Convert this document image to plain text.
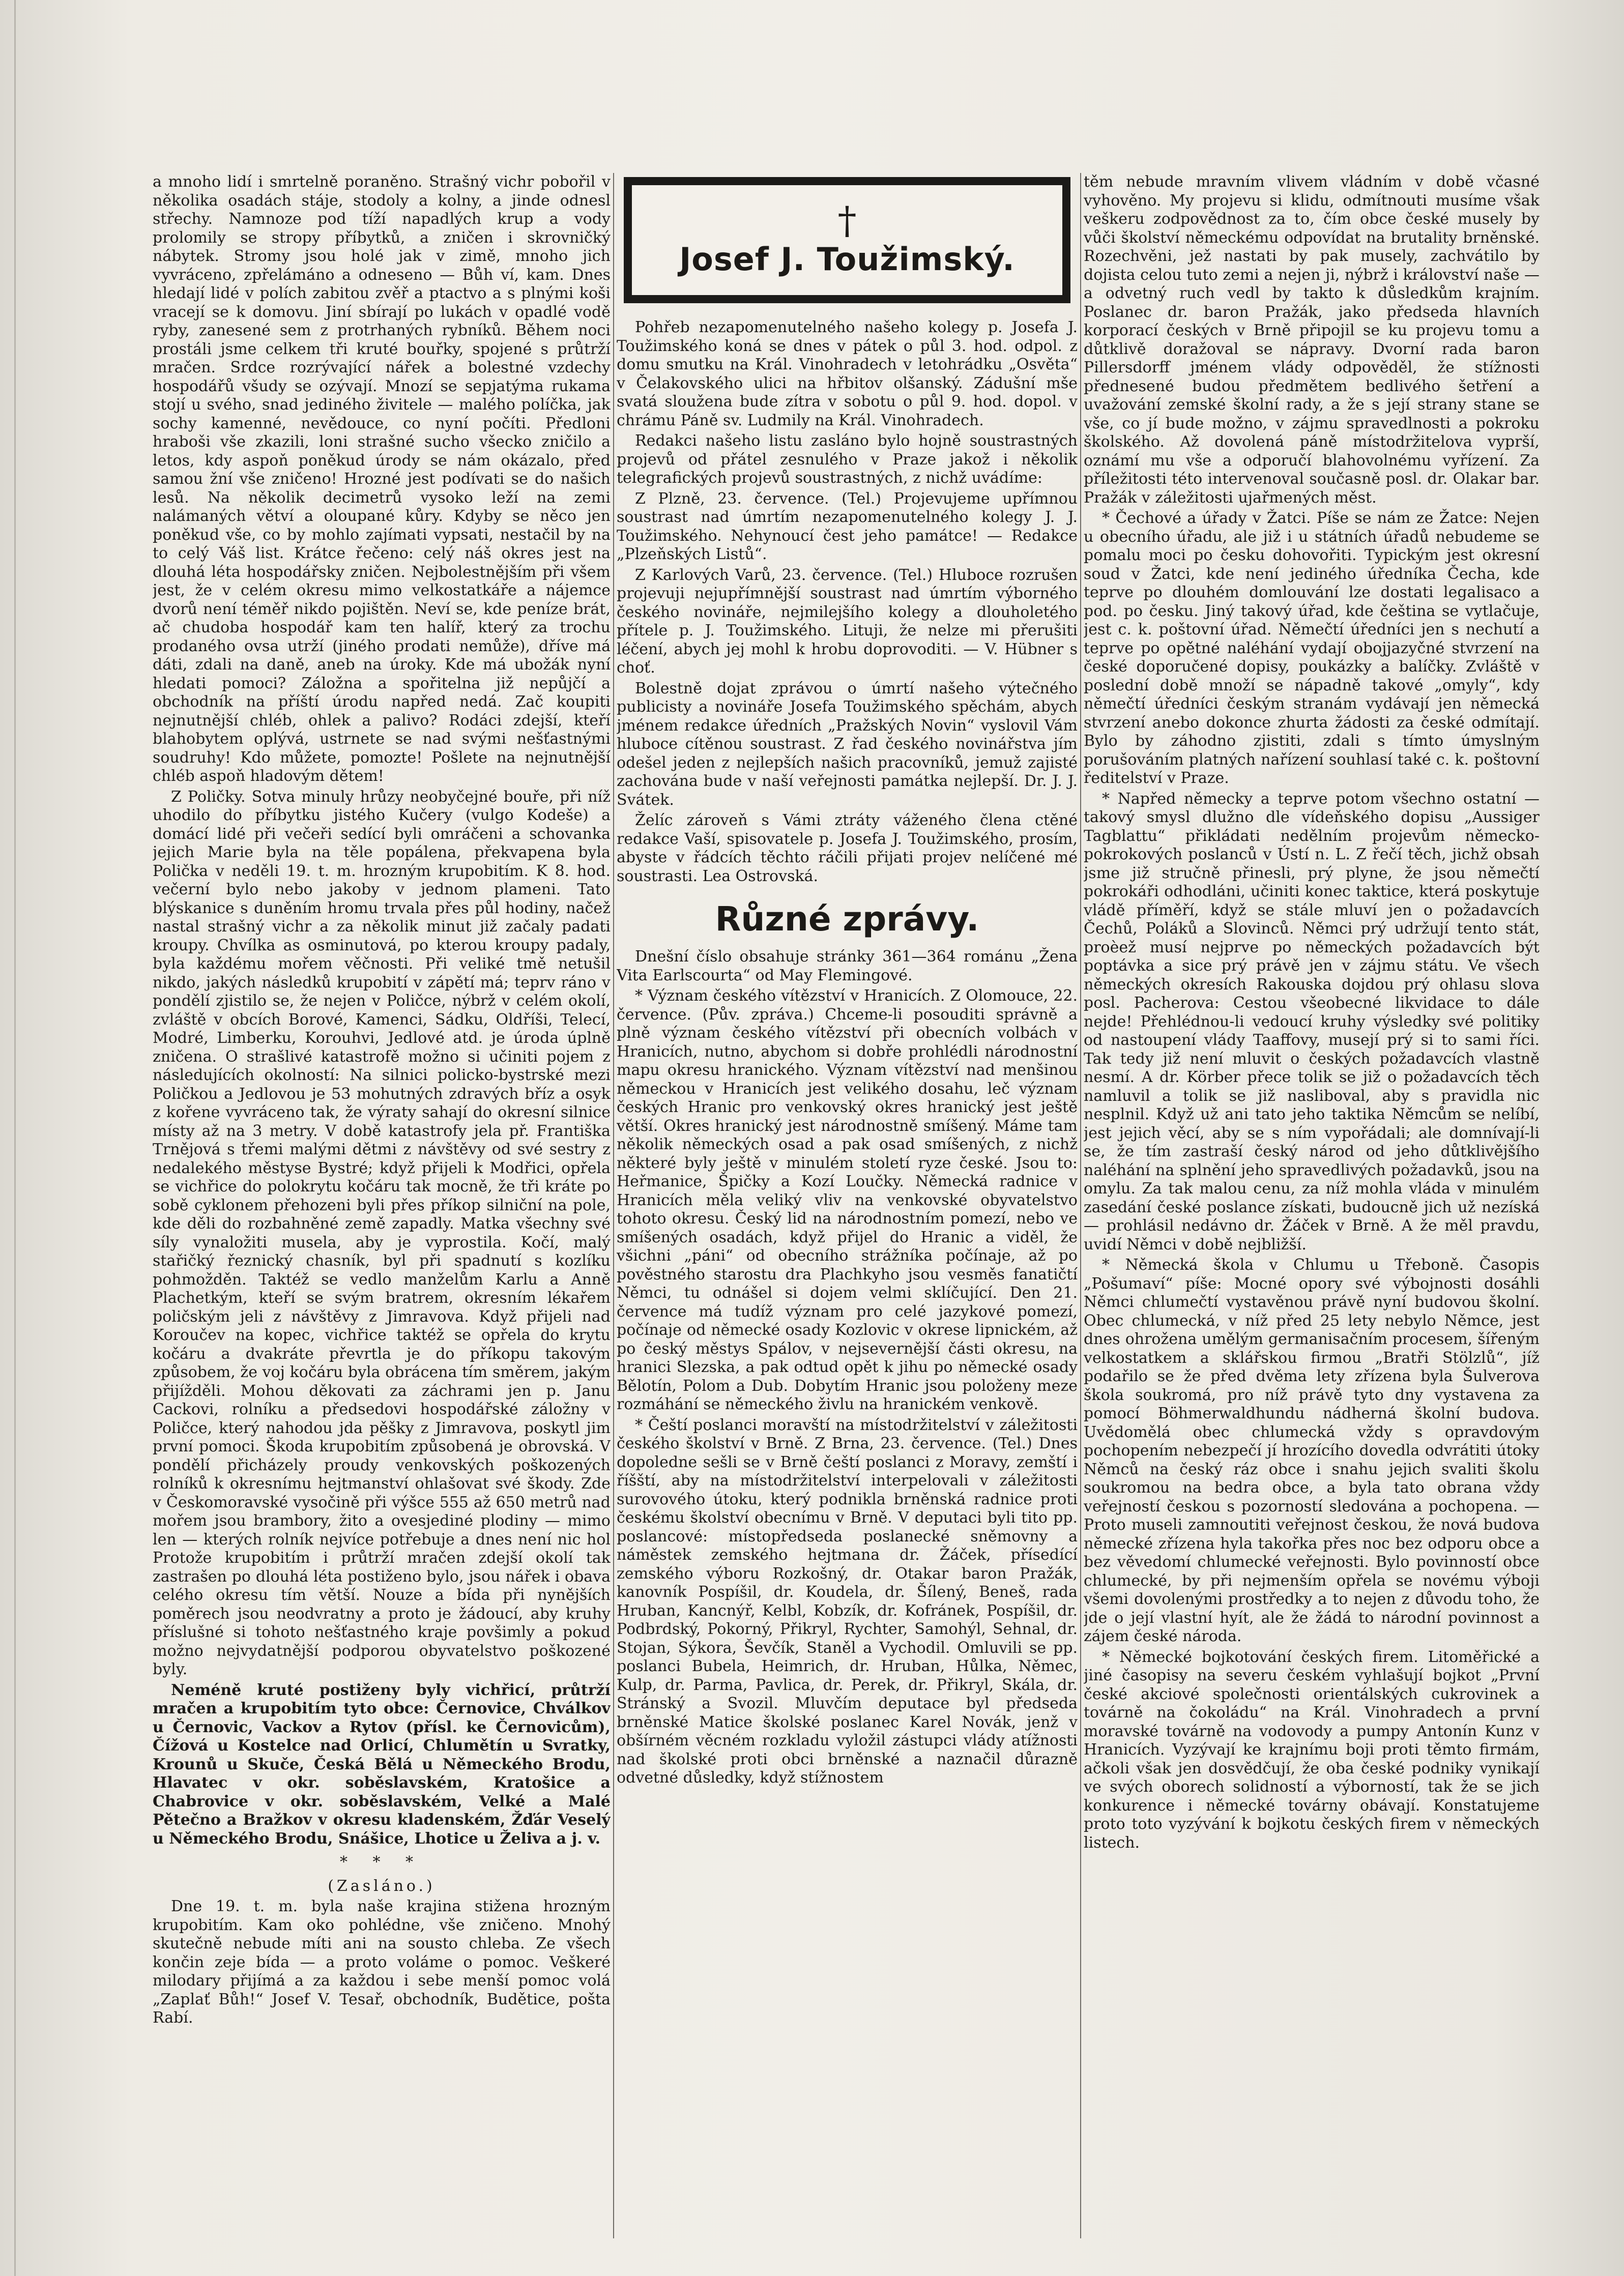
a mnoho lidí i smrtelně poraněno. Strašný vichr pobořil v několika osadách stáje, stodoly a kolny, a jinde odnesl střechy. Namnoze pod tíží napadlých krup a vody prolomily se stropy příbytků, a zničen i skrovničký nábytek. Stromy jsou holé jak v zimě, mnoho jich vyvráceno, zpřelámáno a odneseno — Bůh ví, kam. Dnes hledají lidé v polích zabitou zvěř a ptactvo a s plnými koši vracejí se k domovu. Jiní sbírají po lukách v opadlé vodě ryby, zanesené sem z protrhaných rybníků. Během noci prostáli jsme celkem tři kruté bouřky, spojené s průtrží mračen. Srdce rozrývající nářek a bolestné vzdechy hospodářů všudy se ozývají. Mnozí se sepjatýma rukama stojí u svého, snad jediného živitele — malého políčka, jak sochy kamenné, nevědouce, co nyní počíti. Předloni hraboši vše zkazili, loni strašné sucho všecko zničilo a letos, kdy aspoň poněkud úrody se nám okázalo, před samou žní vše zničeno! Hrozné jest podívati se do našich lesů. Na několik decimetrů vysoko leží na zemi nalámaných větví a oloupané kůry. Kdyby se něco jen poněkud vše, co by mohlo zajímati vypsati, nestačil by na to celý Váš list. Krátce řečeno: celý náš okres jest na dlouhá léta hospodářsky zničen. Nejbolestnějším při všem jest, že v celém okresu mimo velkostatkáře a nájemce dvorů není téměř nikdo pojištěn. Neví se, kde peníze brát, ač chudoba hospodář kam ten halíř, který za trochu prodaného ovsa utrží (jiného prodati nemůže), dříve má dáti, zdali na daně, aneb na úroky. Kde má ubožák nyní hledati pomoci? Záložna a spořitelna již nepůjčí a obchodník na příští úrodu napřed nedá. Zač koupiti nejnutnější chléb, ohlek a palivo? Rodáci zdejší, kteří blahobytem oplývá, ustrnete se nad svými nešťastnými soudruhy! Kdo můžete, pomozte! Pošlete na nejnutnější chléb aspoň hladovým dětem!

Z Poličky. Sotva minuly hrůzy neobyčejné bouře, při níž uhodilo do příbytku jistého Kučery (vulgo Kodeše) a domácí lidé při večeři sedící byli omráčeni a schovanka jejich Marie byla na těle popálena, překvapena byla Polička v neděli 19. t. m. hrozným krupobitím. K 8. hod. večerní bylo nebo jakoby v jednom plameni. Tato blýskanice s duněním hromu trvala přes půl hodiny, načež nastal strašný vichr a za několik minut již začaly padati kroupy. Chvílka as osminutová, po kterou kroupy padaly, byla každému mořem věčnosti. Při veliké tmě netušil nikdo, jakých následků krupobití v zápětí má; teprv ráno v pondělí zjistilo se, že nejen v Poličce, nýbrž v celém okolí, zvláště v obcích Borové, Kamenci, Sádku, Oldříši, Telecí, Modré, Limberku, Korouhvi, Jedlové atd. je úroda úplně zničena. O strašlivé katastrofě možno si učiniti pojem z následujících okolností: Na silnici policko-bystrské mezi Poličkou a Jedlovou je 53 mohutných zdravých bříz a osyk z kořene vyvráceno tak, že výraty sahají do okresní silnice místy až na 3 metry. V době katastrofy jela př. Františka Trnějová s třemi malými dětmi z návštěvy od své sestry z nedalekého městyse Bystré; když přijeli k Modřici, opřela se vichřice do polokrytu kočáru tak mocně, že tři kráte po sobě cyklonem přehozeni byli přes příkop silniční na pole, kde děli do rozbahněné země zapadly. Matka všechny své síly vynaložiti musela, aby je vyprostila. Kočí, malý stařičký řeznický chasník, byl při spadnutí s kozlíku pohmožděn. Taktéž se vedlo manželům Karlu a Anně Plachetkým, kteří se svým bratrem, okresním lékařem poličským jeli z návštěvy z Jimravova. Když přijeli nad Koroučev na kopec, vichřice taktéž se opřela do krytu kočáru a dvakráte převrtla je do příkopu takovým způsobem, že voj kočáru byla obrácena tím směrem, jakým přijížděli. Mohou děkovati za záchrami jen p. Janu Cackovi, rolníku a předsedovi hospodářské záložny v Poličce, který nahodou jda pěšky z Jimravova, poskytl jim první pomoci. Škoda krupobitím způsobená je obrovská. V pondělí přicházely proudy venkovských poškozených rolníků k okresnímu hejtmanství ohlašovat své škody. Zde v Českomoravské vysočině při výšce 555 až 650 metrů nad mořem jsou brambory, žito a ovesjediné plodiny — mimo len — kterých rolník nejvíce potřebuje a dnes není nic hol Protože krupobitím i průtrží mračen zdejší okolí tak zastrašen po dlouhá léta postiženo bylo, jsou nářek i obava celého okresu tím větší. Nouze a bída při nynějších poměrech jsou neodvratny a proto je žádoucí, aby kruhy příslušné si tohoto nešťastného kraje povšimly a pokud možno nejvydatnější podporou obyvatelstvo poškozené byly.

Neméně kruté postiženy byly vichřicí, průtrží mračen a krupobitím tyto obce: Černovice, Chválkov u Černovic, Vackov a Rytov (přísl. ke Černovicům), Čížová u Kostelce nad Orlicí, Chlumětín u Svratky, Krounů u Skuče, Česká Bělá u Německého Brodu, Hlavatec v okr. soběslavském, Kratošice a Chabrovice v okr. soběslavském, Velké a Malé Pětečno a Bražkov v okresu kladenském, Žďár Veselý u Německého Brodu, Snášice, Lhotice u Želiva a j. v.

* * *

(Zasláno.)

Dne 19. t. m. byla naše krajina stižena hrozným krupobitím. Kam oko pohlédne, vše zničeno. Mnohý skutečně nebude míti ani na sousto chleba. Ze všech končin zeje bída — a proto voláme o pomoc. Veškeré milodary přijímá a za každou i sebe menší pomoc volá „Zaplať Bůh!“ Josef V. Tesař, obchodník, Budětice, pošta Rabí.

†
Josef J. Toužimský.

Pohřeb nezapomenutelného našeho kolegy p. Josefa J. Toužimského koná se dnes v pátek o půl 3. hod. odpol. z domu smutku na Král. Vinohradech v letohrádku „Osvěta“ v Čelakovského ulici na hřbitov olšanský. Zádušní mše svatá sloužena bude zítra v sobotu o půl 9. hod. dopol. v chrámu Páně sv. Ludmily na Král. Vinohradech.

Redakci našeho listu zasláno bylo hojně soustrastných projevů od přátel zesnulého v Praze jakož i několik telegrafických projevů soustrastných, z nichž uvádíme:

Z Plzně, 23. července. (Tel.) Projevujeme upřímnou soustrast nad úmrtím nezapomenutelného kolegy J. J. Toužimského. Nehynoucí čest jeho památce! — Redakce „Plzeňských Listů“.

Z Karlových Varů, 23. července. (Tel.) Hluboce rozrušen projevuji nejupřímnější soustrast nad úmrtím výborného českého novináře, nejmilejšího kolegy a dlouholetého přítele p. J. Toužimského. Lituji, že nelze mi přerušiti léčení, abych jej mohl k hrobu doprovoditi. — V. Hübner s choť.

Bolestně dojat zprávou o úmrtí našeho výtečného publicisty a novináře Josefa Toužimského spěchám, abych jménem redakce úředních „Pražských Novin“ vyslovil Vám hluboce cítěnou soustrast. Z řad českého novinářstva jím odešel jeden z nejlepších našich pracovníků, jemuž zajisté zachována bude v naší veřejnosti památka nejlepší. Dr. J. J. Svátek.

Želíc zároveň s Vámi ztráty váženého člena ctěné redakce Vaší, spisovatele p. Josefa J. Toužimského, prosím, abyste v řádcích těchto ráčili přijati projev nelíčené mé soustrasti. Lea Ostrovská.

Různé zprávy.

Dnešní číslo obsahuje stránky 361—364 románu „Žena Vita Earlscourta“ od May Flemingové.

* Význam českého vítězství v Hranicích. Z Olomouce, 22. července. (Pův. zpráva.) Chceme-li posouditi správně a plně význam českého vítězství při obecních volbách v Hranicích, nutno, abychom si dobře prohlédli národnostní mapu okresu hranického. Význam vítězství nad menšinou německou v Hranicích jest velikého dosahu, leč význam českých Hranic pro venkovský okres hranický jest ještě větší. Okres hranický jest národnostně smíšený. Máme tam několik německých osad a pak osad smíšených, z nichž některé byly ještě v minulém století ryze české. Jsou to: Heřmanice, Špičky a Kozí Loučky. Německá radnice v Hranicích měla veliký vliv na venkovské obyvatelstvo tohoto okresu. Český lid na národnostním pomezí, nebo ve smíšených osadách, když přijel do Hranic a viděl, že všichni „páni“ od obecního strážníka počínaje, až po pověstného starostu dra Plachkyho jsou vesměs fanatičtí Němci, tu odnášel si dojem velmi sklíčující. Den 21. července má tudíž význam pro celé jazykové pomezí, počínaje od německé osady Kozlovic v okrese lipnickém, až po český městys Spálov, v nejsevernější části okresu, na hranici Slezska, a pak odtud opět k jihu po německé osady Bělotín, Polom a Dub. Dobytím Hranic jsou položeny meze rozmáhání se německého živlu na hranickém venkově.

* Čeští poslanci moravští na místodržitelství v záležitosti českého školství v Brně. Z Brna, 23. července. (Tel.) Dnes dopoledne sešli se v Brně čeští poslanci z Moravy, zemští i říšští, aby na místodržitelství interpelovali v záležitosti surovového útoku, který podnikla brněnská radnice proti českému školství obecnímu v Brně. V deputaci byli tito pp. poslancové: místopředseda poslanecké sněmovny a náměstek zemského hejtmana dr. Žáček, přísedící zemského výboru Rozkošný, dr. Otakar baron Pražák, kanovník Pospíšil, dr. Koudela, dr. Šílený, Beneš, rada Hruban, Kancnýř, Kelbl, Kobzík, dr. Kofránek, Pospíšil, dr. Podbrdský, Pokorný, Přikryl, Rychter, Samohýl, Sehnal, dr. Stojan, Sýkora, Ševčík, Staněl a Vychodil. Omluvili se pp. poslanci Bubela, Heimrich, dr. Hruban, Hůlka, Němec, Kulp, dr. Parma, Pavlica, dr. Perek, dr. Přikryl, Skála, dr. Stránský a Svozil. Mluvčím deputace byl předseda brněnské Matice školské poslanec Karel Novák, jenž v obšírném věcném rozkladu vyložil zástupci vlády atížnosti nad školské proti obci brněnské a naznačil důrazně odvetné důsledky, když stížnostem

těm nebude mravním vlivem vládním v době včasné vyhověno. My projevu si klidu, odmítnouti musíme však veškeru zodpovědnost za to, čím obce české musely by vůči školství německému odpovídat na brutality brněnské. Rozechvěni, jež nastati by pak musely, zachvátilo by dojista celou tuto zemi a nejen ji, nýbrž i království naše — a odvetný ruch vedl by takto k důsledkům krajním. Poslanec dr. baron Pražák, jako předseda hlavních korporací českých v Brně připojil se ku projevu tomu a důtklivě doražoval se nápravy. Dvorní rada baron Pillersdorff jménem vlády odpověděl, že stížnosti přednesené budou předmětem bedlivého šetření a uvažování zemské školní rady, a že s její strany stane se vše, co jí bude možno, v zájmu spravedlnosti a pokroku školského. Až dovolená páně místodržitelova vyprší, oznámí mu vše a odporučí blahovolnému vyřízení. Za příležitosti této intervenoval současně posl. dr. Olakar bar. Pražák v záležitosti ujařmených měst.

* Čechové a úřady v Žatci. Píše se nám ze Žatce: Nejen u obecního úřadu, ale již i u státních úřadů nebudeme se pomalu moci po česku dohovořiti. Typickým jest okresní soud v Žatci, kde není jediného úředníka Čecha, kde teprve po dlouhém domlouvání lze dostati legalisaco a pod. po česku. Jiný takový úřad, kde čeština se vytlačuje, jest c. k. poštovní úřad. Němečtí úředníci jen s nechutí a teprve po opětné naléhání vydají obojjazyčné stvrzení na české doporučené dopisy, poukázky a balíčky. Zvláště v poslední době množí se nápadně takové „omyly“, kdy němečtí úředníci českým stranám vydávají jen německá stvrzení anebo dokonce zhurta žádosti za české odmítají. Bylo by záhodno zjistiti, zdali s tímto úmyslným porušováním platných nařízení souhlasí také c. k. poštovní ředitelství v Praze.

* Napřed německy a teprve potom všechno ostatní — takový smysl dlužno dle vídeňského dopisu „Aussiger Tagblattu“ přikládati nedělním projevům německo-pokrokových poslanců v Ústí n. L. Z řečí těch, jichž obsah jsme již stručně přinesli, prý plyne, že jsou němečtí pokrokáři odhodláni, učiniti konec taktice, která poskytuje vládě příměří, když se stále mluví jen o požadavcích Čechů, Poláků a Slovinců. Němci prý udržují tento stát, proèež musí nejprve po německých požadavcích být poptávka a sice prý právě jen v zájmu státu. Ve všech německých okresích Rakouska dojdou prý ohlasu slova posl. Pacherova: Cestou všeobecné likvidace to dále nejde! Přehlédnou-li vedoucí kruhy výsledky své politiky od nastoupení vlády Taaffovy, musejí prý si to sami říci. Tak tedy již není mluvit o českých požadavcích vlastně nesmí. A dr. Körber přece tolik se již o požadavcích těch namluvil a tolik se již nasliboval, aby s pravidla nic nesplnil. Když už ani tato jeho taktika Němcům se nelíbí, jest jejich věcí, aby se s ním vypořádali; ale domnívají-li se, že tím zastraší český národ od jeho důtklivějšího naléhání na splnění jeho spravedlivých požadavků, jsou na omylu. Za tak malou cenu, za níž mohla vláda v minulém zasedání české poslance získati, budoucně jich už nezíská — prohlásil nedávno dr. Žáček v Brně. A že měl pravdu, uvidí Němci v době nejbližší.

* Německá škola v Chlumu u Třeboně. Časopis „Pošumaví“ píše: Mocné opory své výbojnosti dosáhli Němci chlumečtí vystavěnou právě nyní budovou školní. Obec chlumecká, v níž před 25 lety nebylo Němce, jest dnes ohrožena umělým germanisačním procesem, šířeným velkostatkem a sklářskou firmou „Bratři Stölzlů“, jíž podařilo se že před dvěma lety zřízena byla Šulverova škola soukromá, pro níž právě tyto dny vystavena za pomocí Böhmerwaldhundu nádherná školní budova. Uvědomělá obec chlumecká vždy s opravdovým pochopením nebezpečí jí hrozícího dovedla odvrátiti útoky Němců na český ráz obce i snahu jejich svaliti školu soukromou na bedra obce, a byla tato obrana vždy veřejností českou s pozorností sledována a pochopena. — Proto museli zamnoutiti veřejnost českou, že nová budova německé zřízena hyla takořka přes noc bez odporu obce a bez věvedomí chlumecké veřejnosti. Bylo povinností obce chlumecké, by při nejmenším opřela se novému výboji všemi dovolenými prostředky a to nejen z důvodu toho, že jde o její vlastní hyít, ale že žádá to národní povinnost a zájem české národa.

* Německé bojkotování českých firem. Litoměřické a jiné časopisy na severu českém vyhlašují bojkot „První české akciové společnosti orientálských cukrovinek a továrně na čokoládu“ na Král. Vinohradech a první moravské továrně na vodovody a pumpy Antonín Kunz v Hranicích. Vyzývají ke krajnímu boji proti těmto firmám, ačkoli však jen dosvědčují, že oba české podniky vynikají ve svých oborech solidností a výborností, tak že se jich konkurence i německé továrny obávají. Konstatujeme proto toto vyzývání k bojkotu českých firem v německých listech.
